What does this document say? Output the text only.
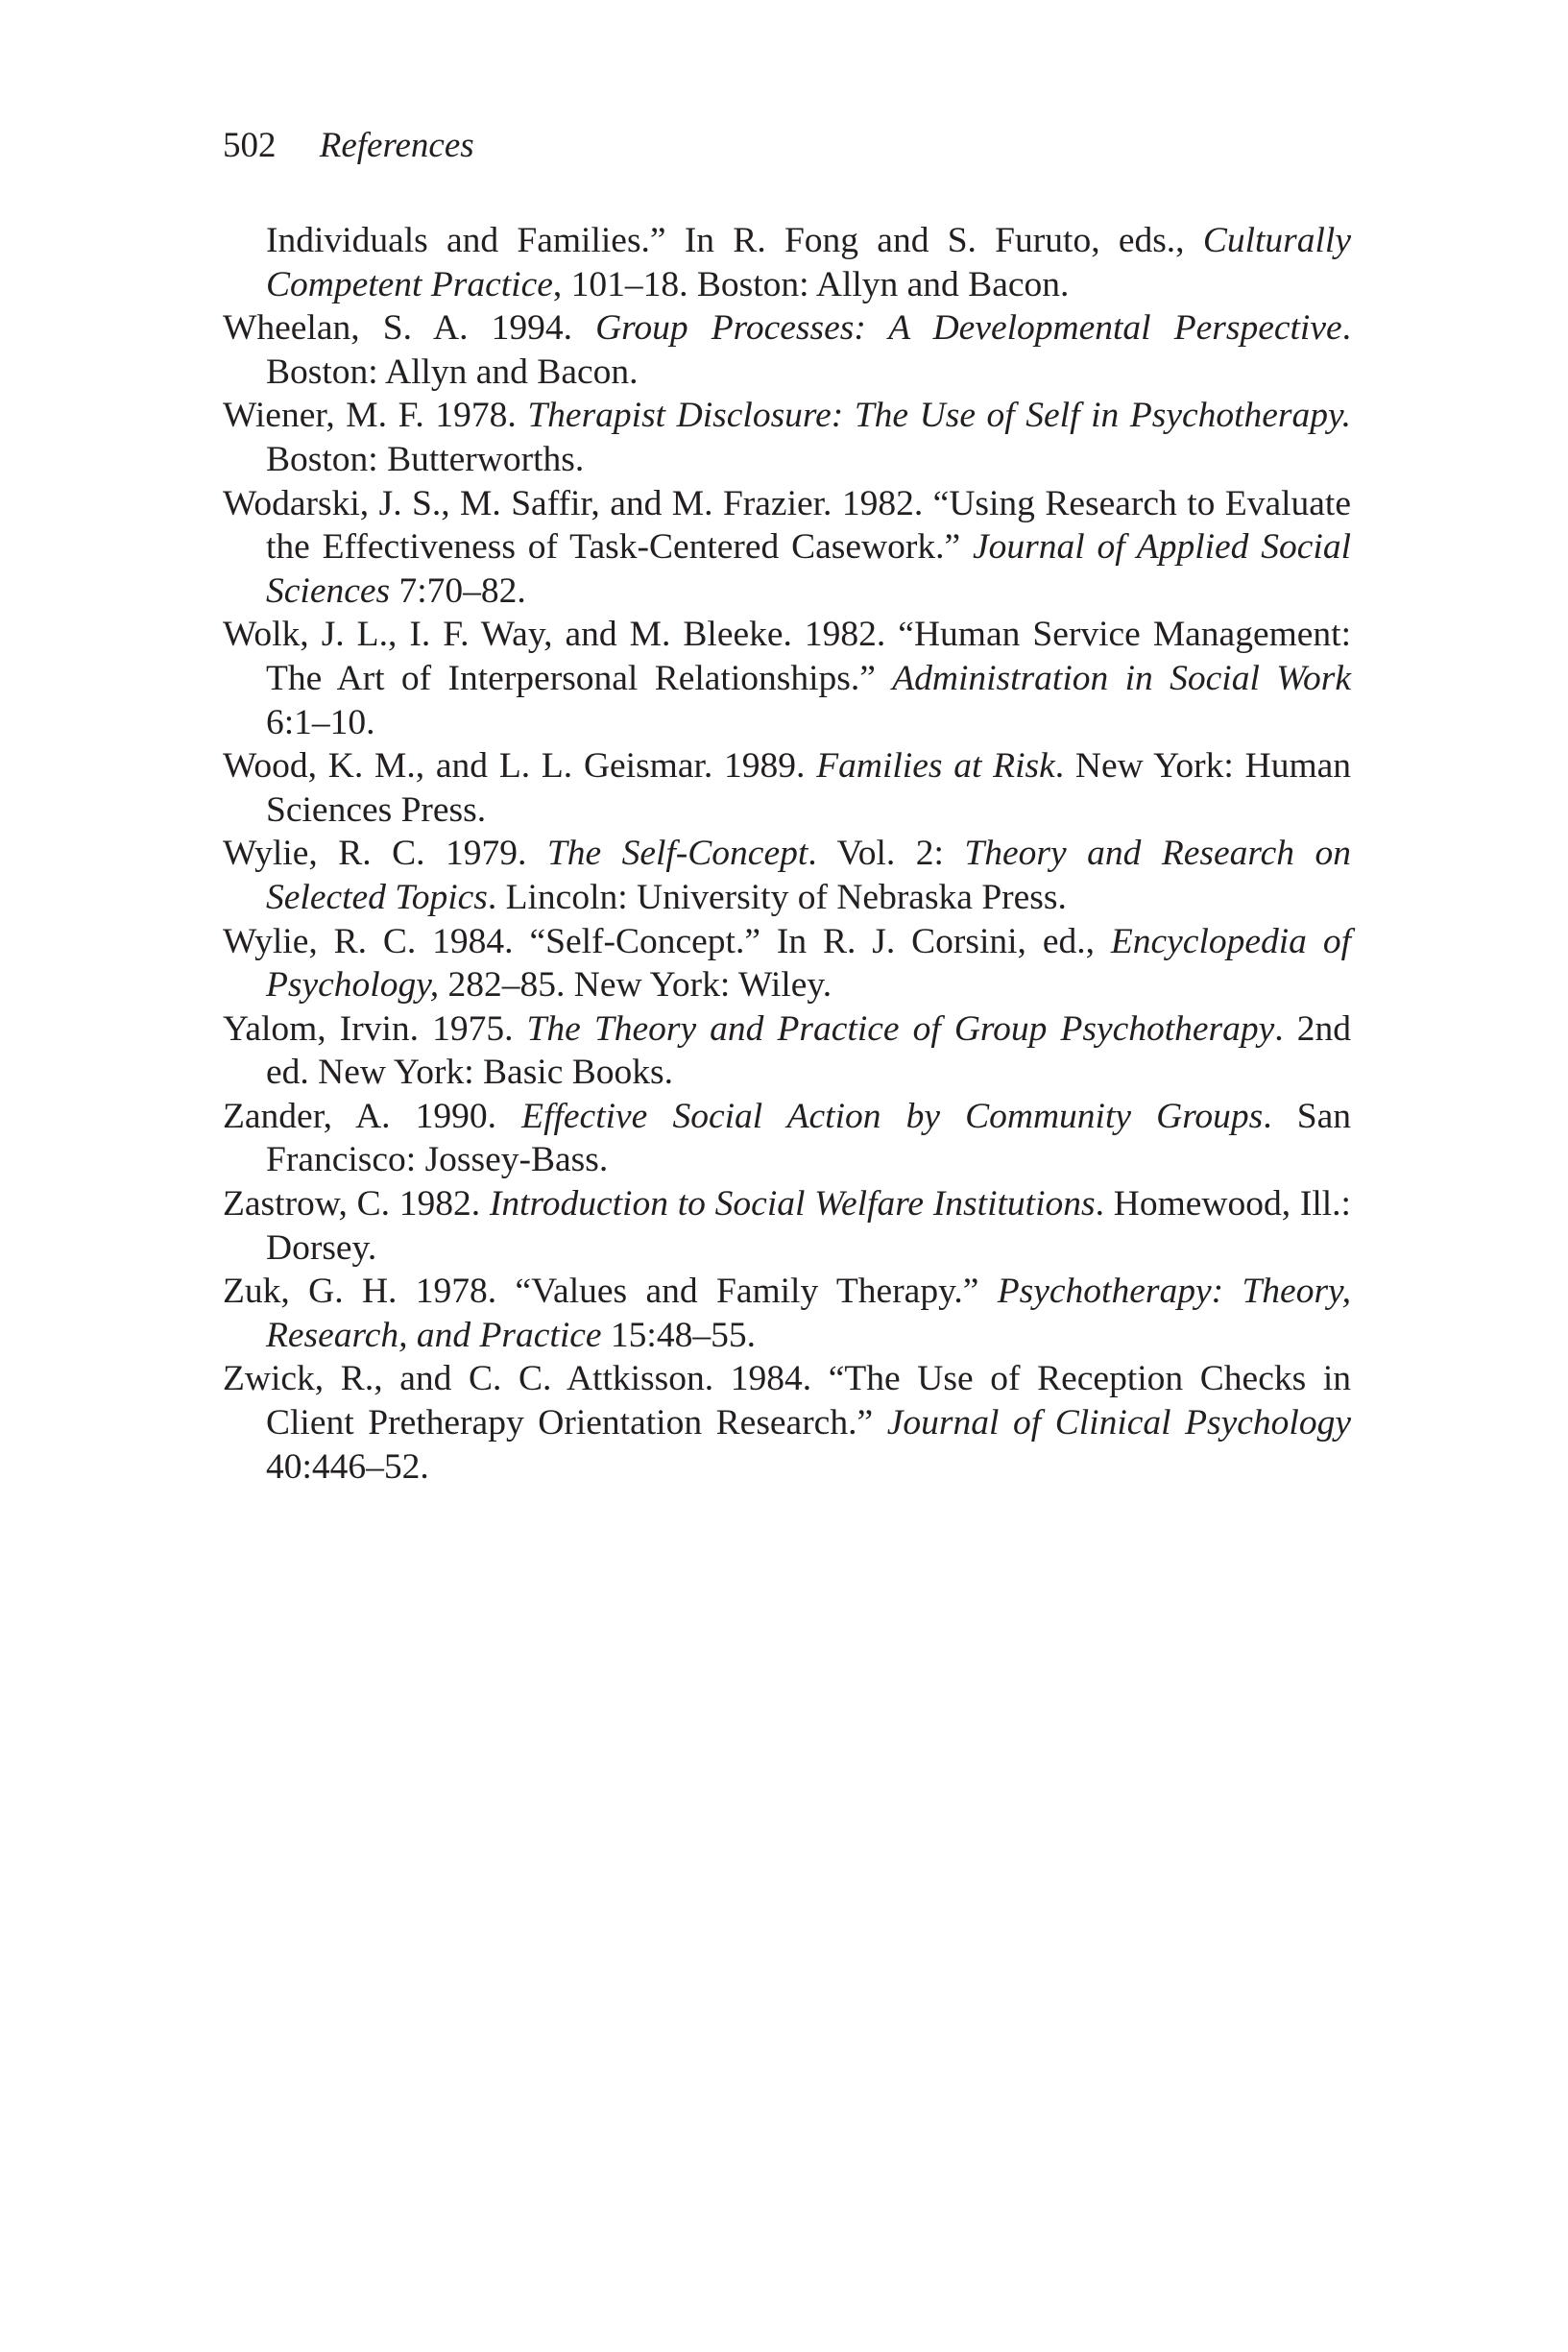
502 References

Individuals and Families.” In R. Fong and S. Furuto, eds., Culturally Competent Practice, 101–18. Boston: Allyn and Bacon.

Wheelan, S. A. 1994. Group Processes: A Developmental Perspective. Boston: Allyn and Bacon.

Wiener, M. F. 1978. Therapist Disclosure: The Use of Self in Psychotherapy. Boston: Butterworths.

Wodarski, J. S., M. Saffir, and M. Frazier. 1982. “Using Research to Evaluate the Effectiveness of Task-Centered Casework.” Journal of Applied Social Sciences 7:70–82.

Wolk, J. L., I. F. Way, and M. Bleeke. 1982. “Human Service Management: The Art of Interpersonal Relationships.” Administration in Social Work 6:1–10.

Wood, K. M., and L. L. Geismar. 1989. Families at Risk. New York: Human Sciences Press.

Wylie, R. C. 1979. The Self-Concept. Vol. 2: Theory and Research on Selected Topics. Lincoln: University of Nebraska Press.

Wylie, R. C. 1984. “Self-Concept.” In R. J. Corsini, ed., Encyclopedia of Psychology, 282–85. New York: Wiley.

Yalom, Irvin. 1975. The Theory and Practice of Group Psychotherapy. 2nd ed. New York: Basic Books.

Zander, A. 1990. Effective Social Action by Community Groups. San Francisco: Jossey-Bass.

Zastrow, C. 1982. Introduction to Social Welfare Institutions. Homewood, Ill.: Dorsey.

Zuk, G. H. 1978. “Values and Family Therapy.” Psychotherapy: Theory, Research, and Practice 15:48–55.

Zwick, R., and C. C. Attkisson. 1984. “The Use of Reception Checks in Client Pretherapy Orientation Research.” Journal of Clinical Psychology 40:446–52.
